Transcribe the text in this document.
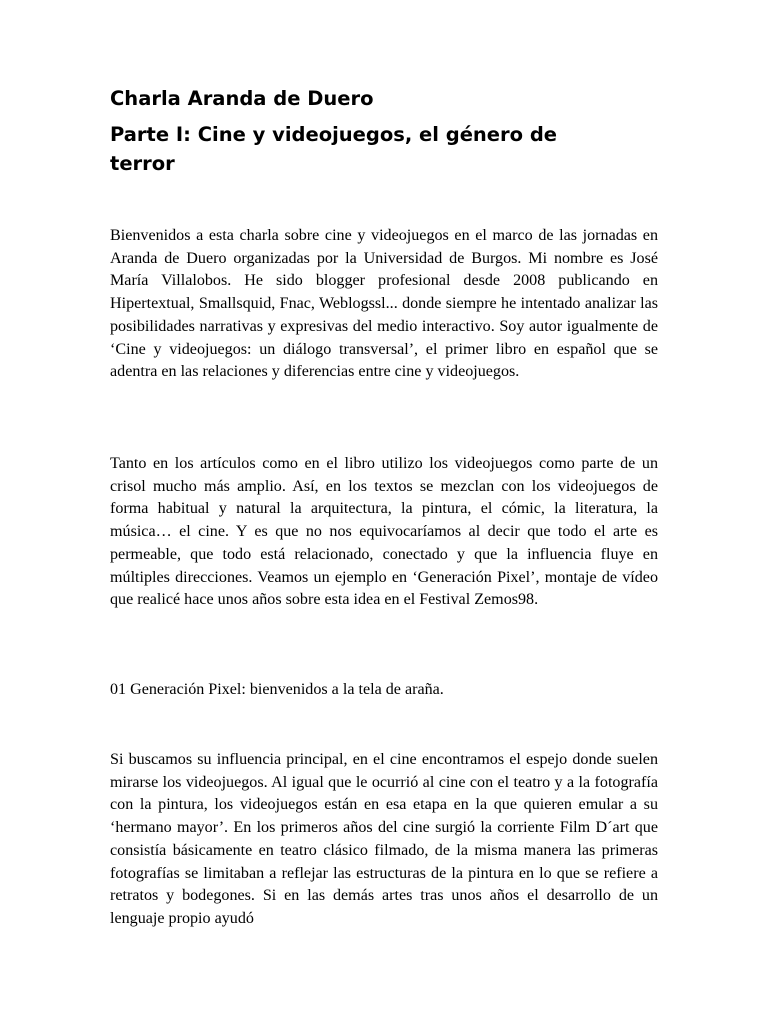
Charla Aranda de Duero
Parte I: Cine y videojuegos, el género de terror

Bienvenidos a esta charla sobre cine y videojuegos en el marco de las jornadas en Aranda de Duero organizadas por la Universidad de Burgos. Mi nombre es José María Villalobos. He sido blogger profesional desde 2008 publicando en Hipertextual, Smallsquid, Fnac, Weblogssl... donde siempre he intentado analizar las posibilidades narrativas y expresivas del medio interactivo. Soy autor igualmente de ‘Cine y videojuegos: un diálogo transversal’, el primer libro en español que se adentra en las relaciones y diferencias entre cine y videojuegos.

Tanto en los artículos como en el libro utilizo los videojuegos como parte de un crisol mucho más amplio. Así, en los textos se mezclan con los videojuegos de forma habitual y natural la arquitectura, la pintura, el cómic, la literatura, la música… el cine. Y es que no nos equivocaríamos al decir que todo el arte es permeable, que todo está relacionado, conectado y que la influencia fluye en múltiples direcciones. Veamos un ejemplo en ‘Generación Pixel’, montaje de vídeo que realicé hace unos años sobre esta idea en el Festival Zemos98.

01 Generación Pixel: bienvenidos a la tela de araña.

Si buscamos su influencia principal, en el cine encontramos el espejo donde suelen mirarse los videojuegos. Al igual que le ocurrió al cine con el teatro y a la fotografía con la pintura, los videojuegos están en esa etapa en la que quieren emular a su ‘hermano mayor’. En los primeros años del cine surgió la corriente Film D´art que consistía básicamente en teatro clásico filmado, de la misma manera las primeras fotografías se limitaban a reflejar las estructuras de la pintura en lo que se refiere a retratos y bodegones. Si en las demás artes tras unos años el desarrollo de un lenguaje propio ayudó
